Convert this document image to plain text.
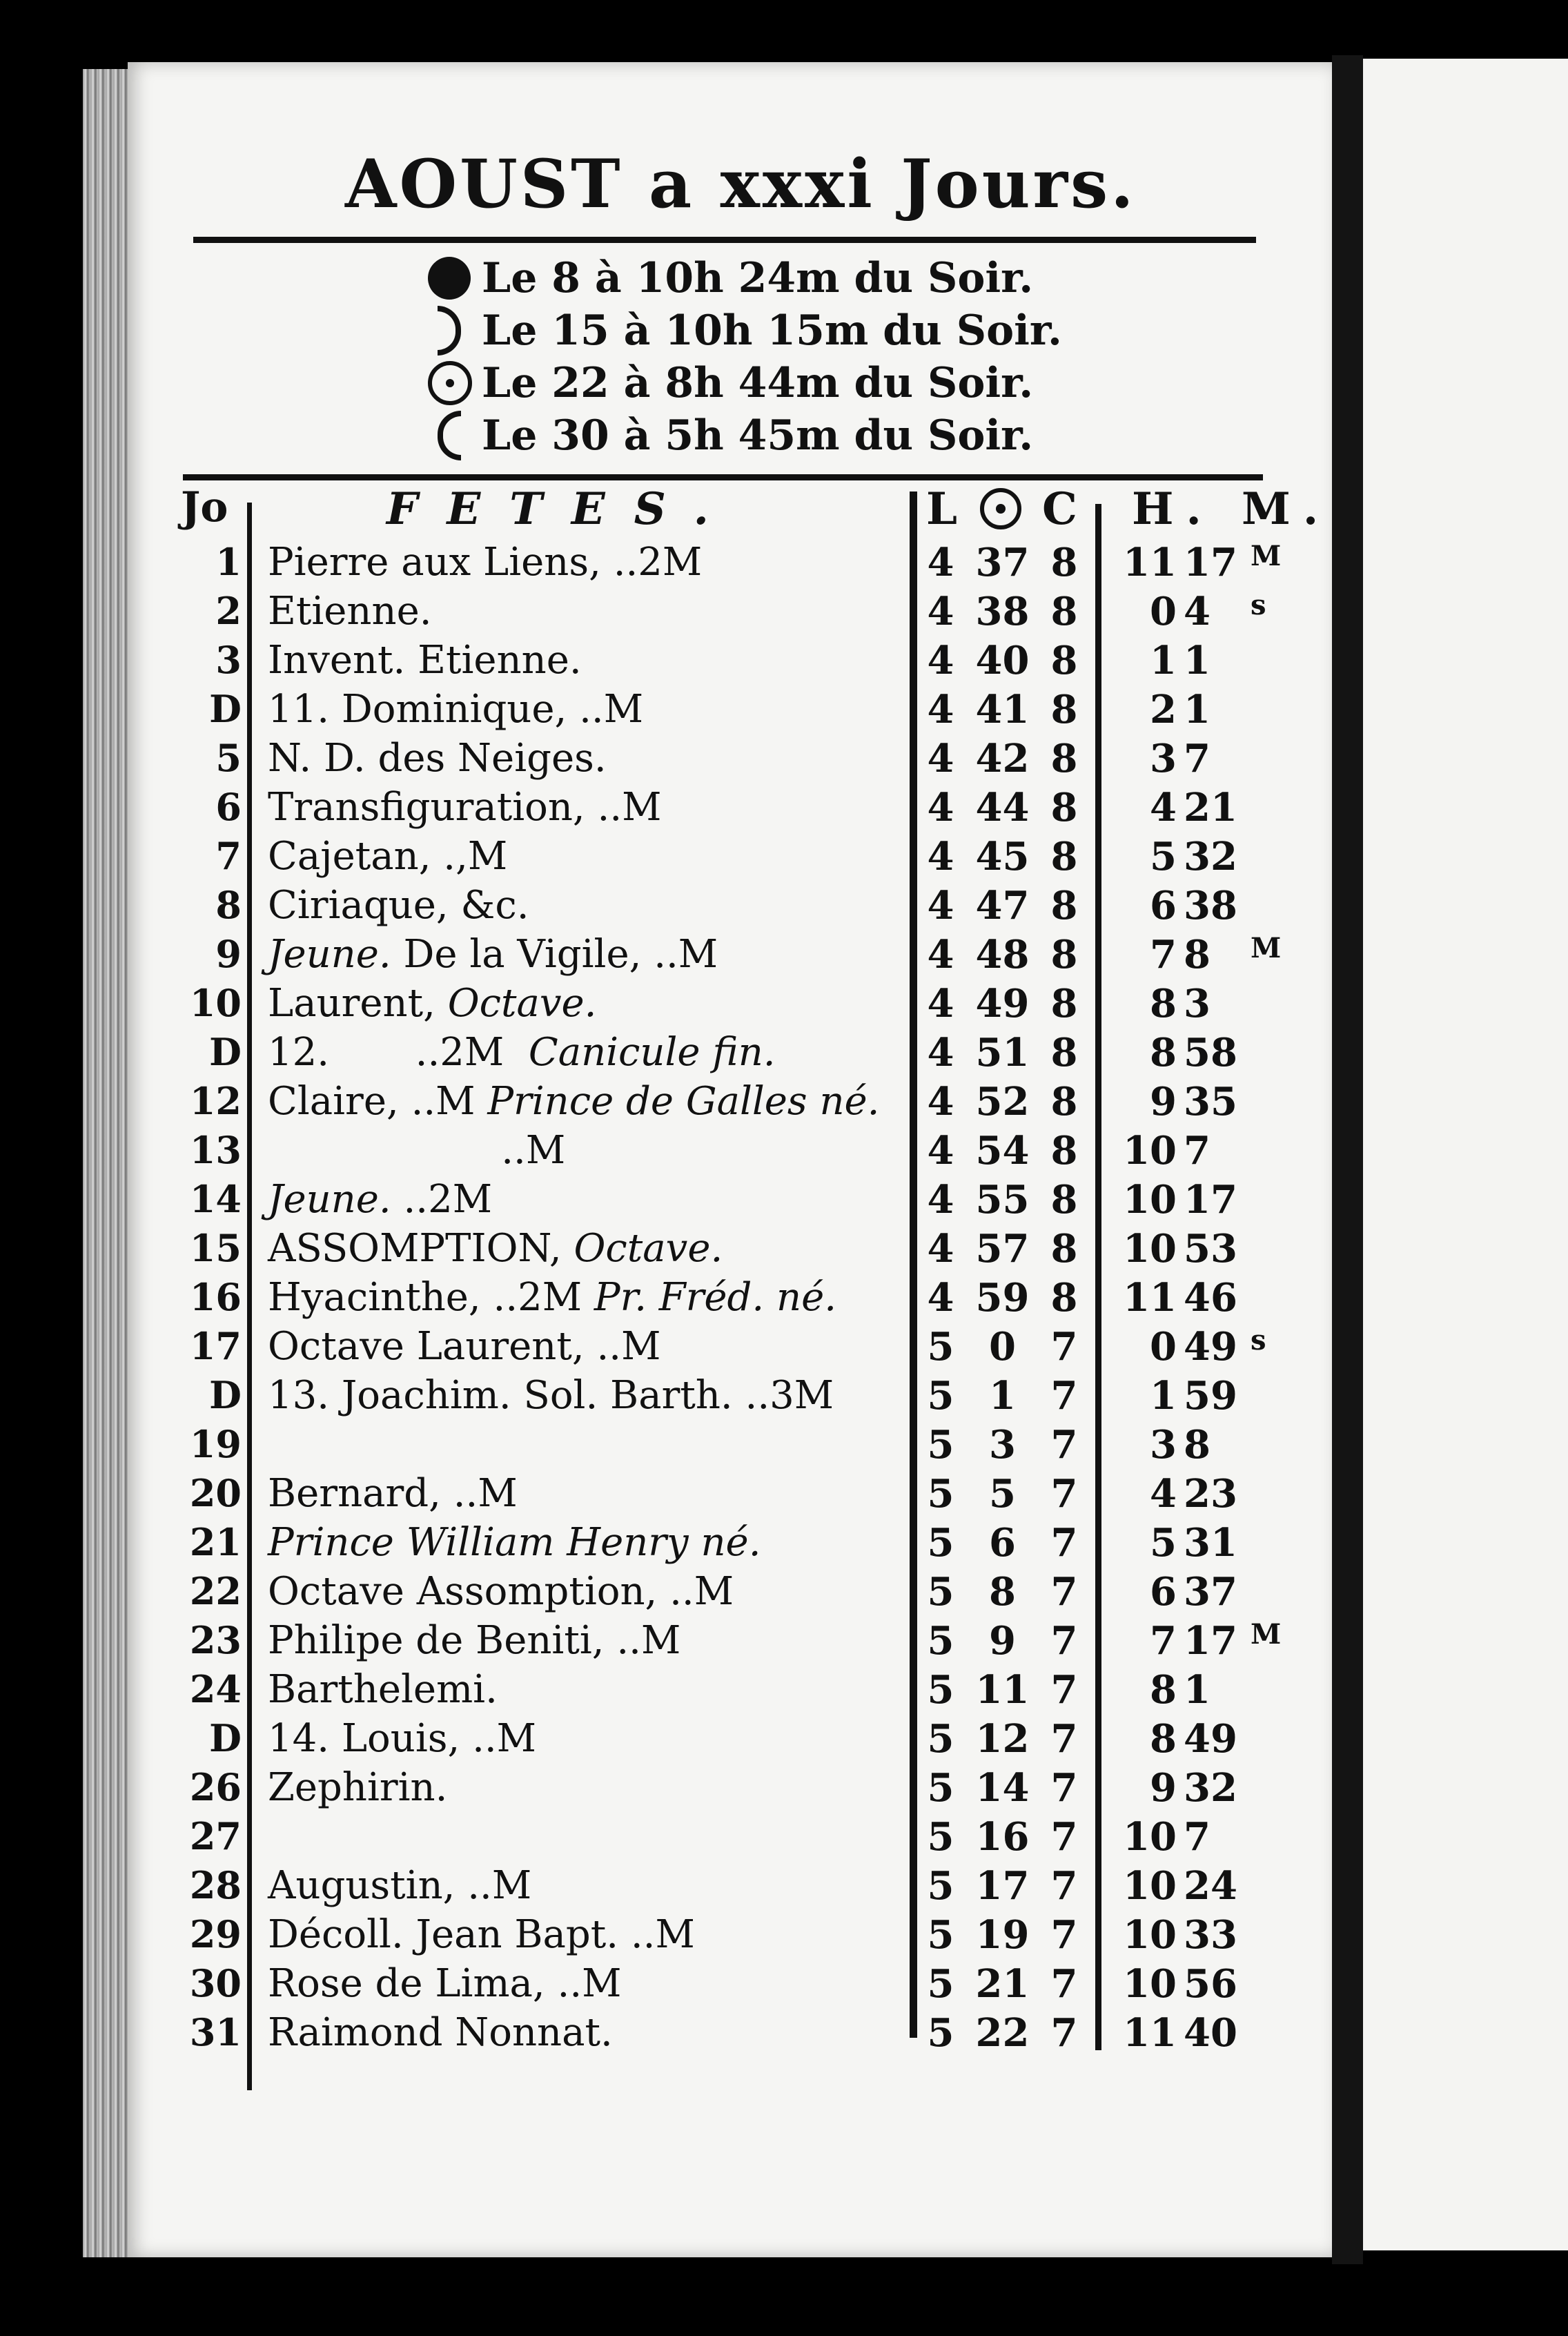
AOUST a xxxi Jours.
Le 8 à 10h 24m du Soir.
Le 15 à 10h 15m du Soir.
Le 22 à 8h 44m du Soir.
Le 30 à 5h 45m du Soir.
Jo	FETES.	L C H. M.
1 Pierre aux Liens, ..2M	4 37 8	11 17 M
2 Etienne.	4 38 8	0 4	s
3 Invent. Etienne.	4 40 8	1 1
D 11. Dominique, ..M	4 41 8	2 1
5 N. D. des Neiges.	4 42 8	3 7
6 Transfiguration, ..M	4 44 8	4 21
7 Cajetan, .,M	4 45 8	5 32
8 Ciriaque, &c.	4 47 8	6 38
9 Jeune. De la Vigile, ..M	4 48 8	7 8	M
10 Laurent, Octave.	4 49 8	8 3
D 12.       ..2M  Canicule fin.	4 51 8	8 58
12 Claire, ..M Prince de Galles né. 4 52 8	9 35
13 ..M	4 54 8	10 7
14 Jeune. ..2M	4 55 8	10 17
15 ASSOMPTION, Octave.	4 57 8	10 53
16 Hyacinthe, ..2M Pr. Fréd. né. 4 59 8	11 46
17 Octave Laurent, ..M	5 0 7	0 49 s
D 13. Joachim. Sol. Barth. ..3M 5 1 7	1 59
19	5 3 7	3 8
20 Bernard, ..M	5 5 7	4 23
21 Prince William Henry né.	5 6 7	5 31
22 Octave Assomption, ..M	5 8 7	6 37
23 Philipe de Beniti, ..M	5 9 7	7 17 M
24 Barthelemi.	5 11 7	8 1
D 14. Louis, ..M	5 12 7	8 49
26 Zephirin.	5 14 7	9 32
27	5 16 7	10 7
28 Augustin, ..M	5 17 7	10 24
29 Décoll. Jean Bapt. ..M	5 19 7	10 33
30 Rose de Lima, ..M	5 21 7	10 56
31 Raimond Nonnat.	5 22 7	11 40
